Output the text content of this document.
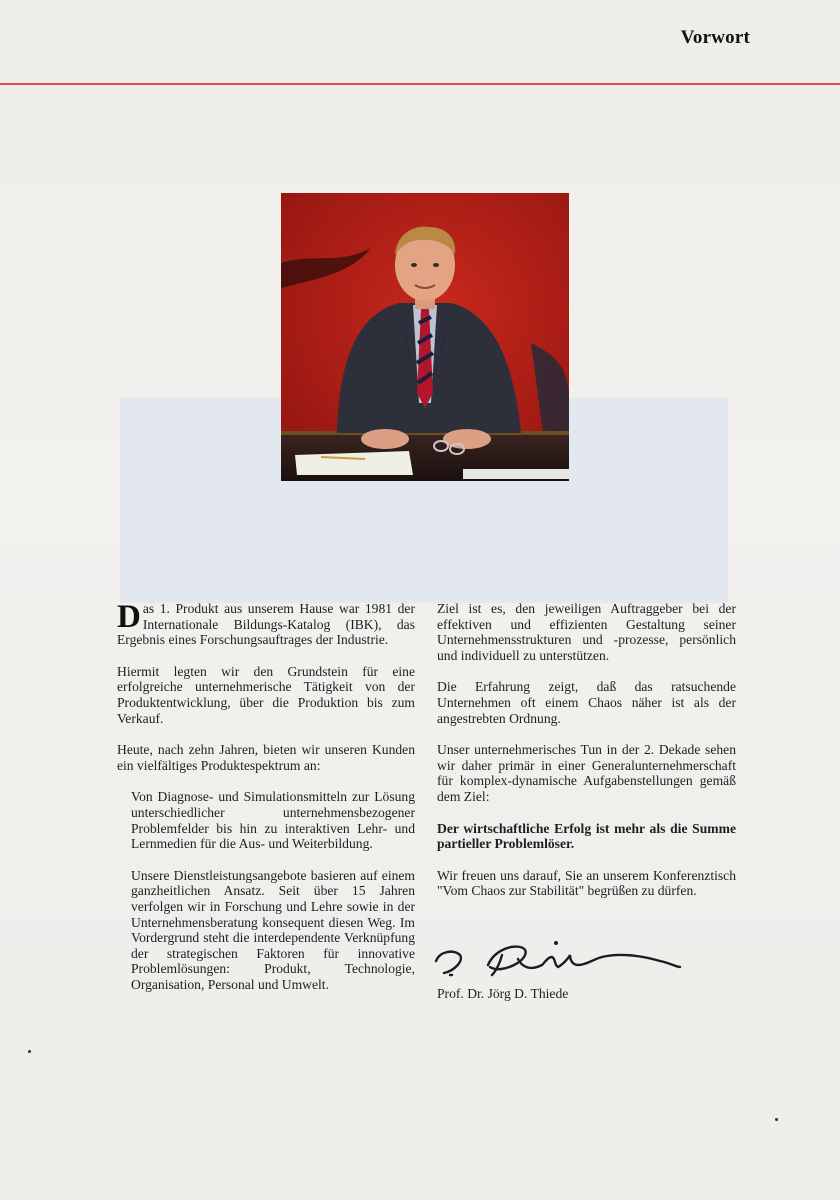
Vorwort

Das 1. Produkt aus unserem Hause war 1981 der Internationale Bildungs-Katalog (IBK), das Ergebnis eines Forschungsauftrages der Industrie.

Hiermit legten wir den Grundstein für eine erfolgreiche unternehmerische Tätigkeit von der Produktentwicklung, über die Produktion bis zum Verkauf.

Heute, nach zehn Jahren, bieten wir unseren Kunden ein vielfältiges Produktespektrum an:

Von Diagnose- und Simulationsmitteln zur Lösung unterschiedlicher unternehmensbezogener Problemfelder bis hin zu interaktiven Lehr- und Lernmedien für die Aus- und Weiterbildung.

Unsere Dienstleistungsangebote basieren auf einem ganzheitlichen Ansatz. Seit über 15 Jahren verfolgen wir in Forschung und Lehre sowie in der Unternehmensberatung konsequent diesen Weg. Im Vordergrund steht die interdependente Verknüpfung der strategischen Faktoren für innovative Problemlösungen: Produkt, Technologie, Organisation, Personal und Umwelt.

Ziel ist es, den jeweiligen Auftraggeber bei der effektiven und effizienten Gestaltung seiner Unternehmensstrukturen und -prozesse, persönlich und individuell zu unterstützen.

Die Erfahrung zeigt, daß das ratsuchende Unternehmen oft einem Chaos näher ist als der angestrebten Ordnung.

Unser unternehmerisches Tun in der 2. Dekade sehen wir daher primär in einer Generalunternehmerschaft für komplex-dynamische Aufgabenstellungen gemäß dem Ziel:

Der wirtschaftliche Erfolg ist mehr als die Summe partieller Problemlöser.

Wir freuen uns darauf, Sie an unserem Konferenztisch "Vom Chaos zur Stabilität" begrüßen zu dürfen.

Prof. Dr. Jörg D. Thiede
